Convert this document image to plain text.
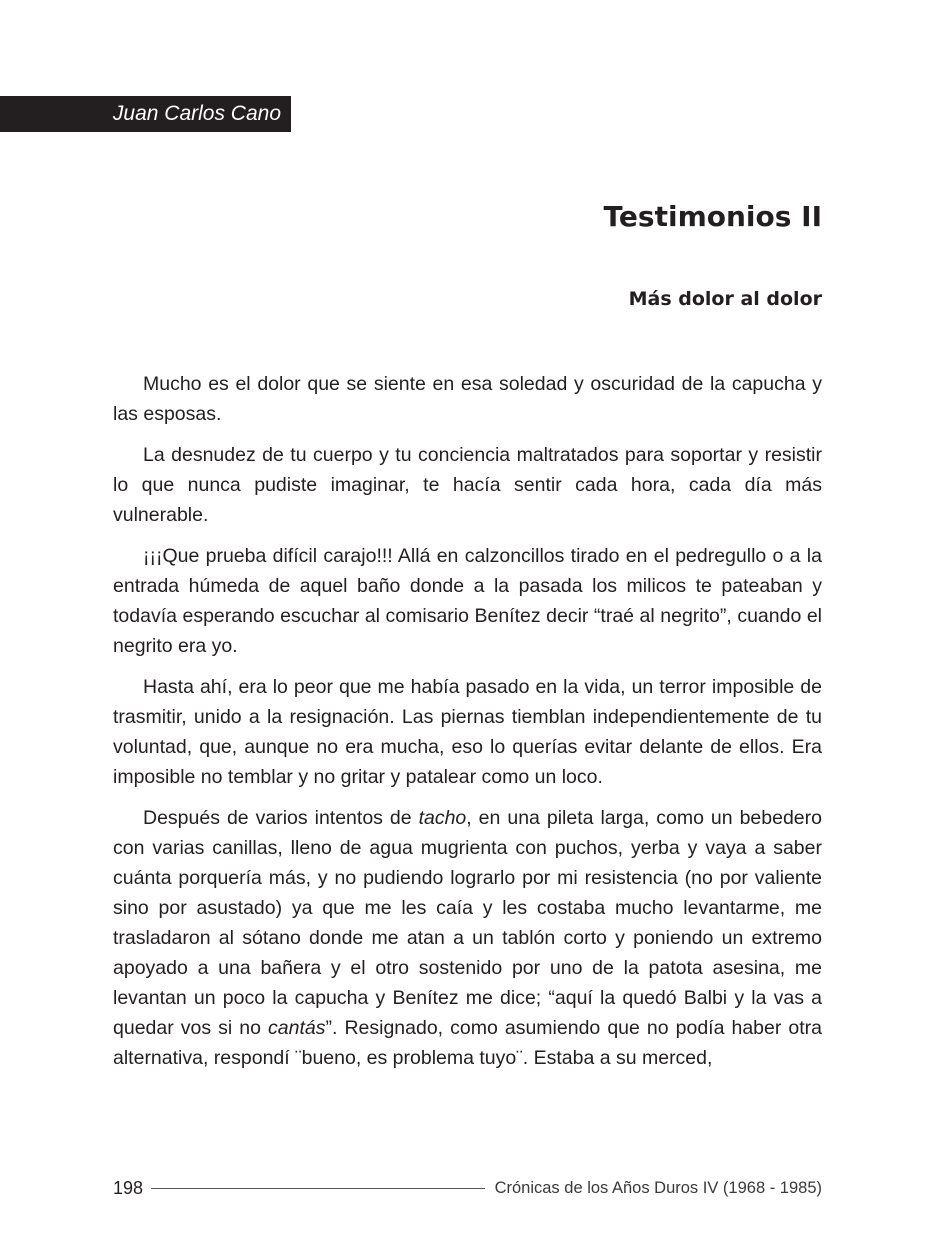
Juan Carlos Cano
Testimonios II
Más dolor al dolor

Mucho es el dolor que se siente en esa soledad y oscuridad de la capucha y las esposas.

La desnudez de tu cuerpo y tu conciencia maltratados para soportar y resistir lo que nunca pudiste imaginar, te hacía sentir cada hora, cada día más vulnerable.

¡¡¡Que prueba difícil carajo!!! Allá en calzoncillos tirado en el pedregullo o a la entrada húmeda de aquel baño donde a la pasada los milicos te pateaban y todavía esperando escuchar al comisario Benítez decir “traé al negrito”, cuando el negrito era yo.

Hasta ahí, era lo peor que me había pasado en la vida, un terror imposible de trasmitir, unido a la resignación. Las piernas tiemblan independientemente de tu voluntad, que, aunque no era mucha, eso lo querías evitar delante de ellos. Era imposible no temblar y no gritar y patalear como un loco.

Después de varios intentos de tacho, en una pileta larga, como un bebedero con varias canillas, lleno de agua mugrienta con puchos, yerba y vaya a saber cuánta porquería más, y no pudiendo lograrlo por mi resistencia (no por valiente sino por asustado) ya que me les caía y les costaba mucho levantarme, me trasladaron al sótano donde me atan a un tablón corto y poniendo un extremo apoyado a una bañera y el otro sostenido por uno de la patota asesina, me levantan un poco la capucha y Benítez me dice; “aquí la quedó Balbi y la vas a quedar vos si no cantás”. Resignado, como asumiendo que no podía haber otra alternativa, respondí ¨bueno, es problema tuyo¨. Estaba a su merced,

198	Crónicas de los Años Duros IV (1968 - 1985)
